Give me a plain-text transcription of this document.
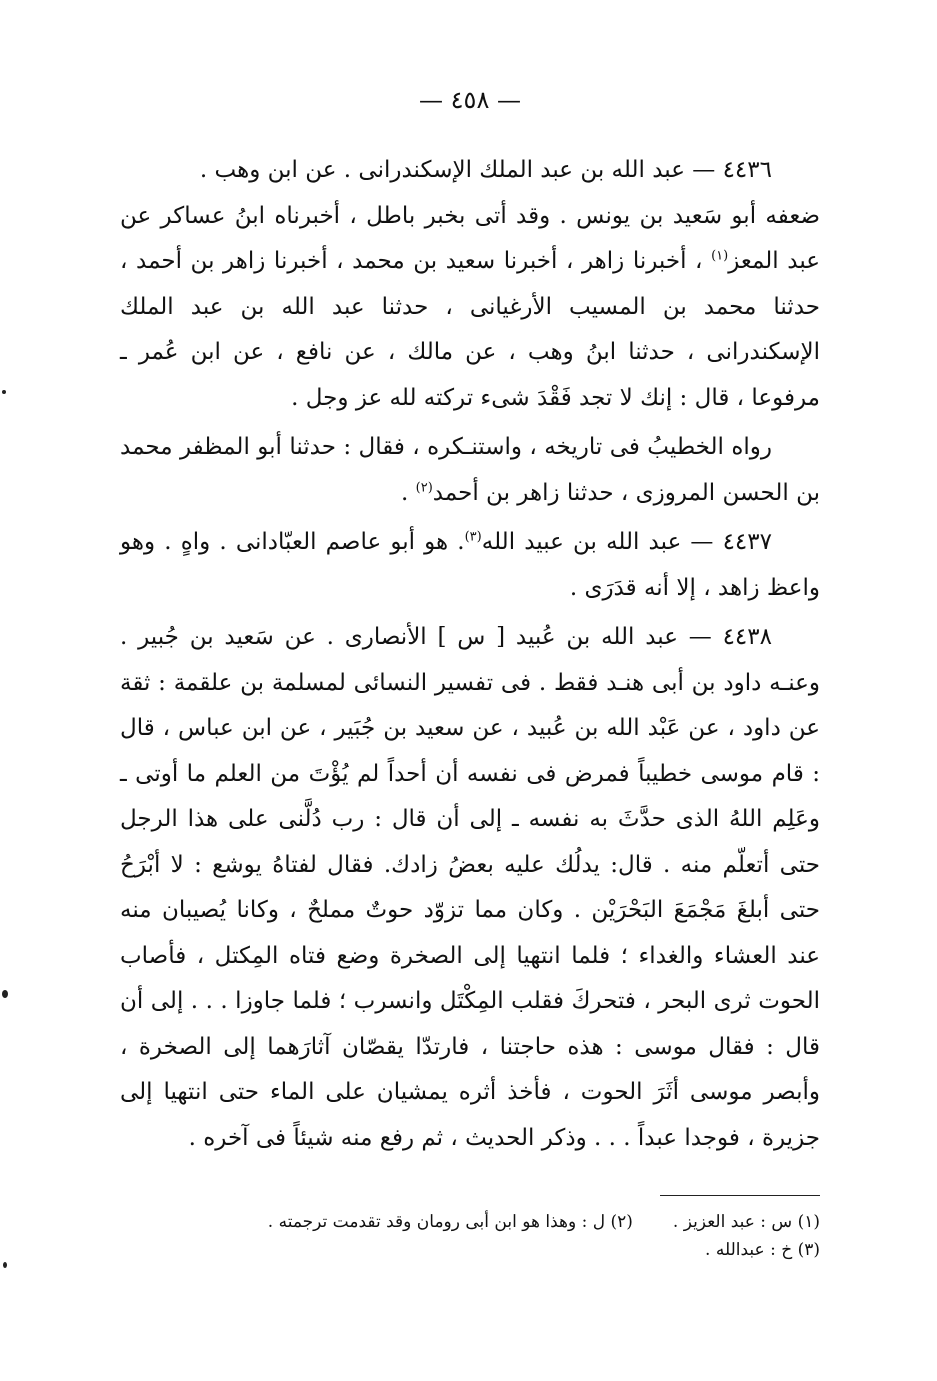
— ٤٥٨ —

٤٤٣٦ — عبد الله بن عبد الملك الإسكندرانى . عن ابن وهب .
ضعفه أبو سَعيد بن يونس . وقد أتى بخبر باطل ، أخبرناه ابنُ عساكر عن عبد المعز$^{(١)}$ ، أخبرنا زاهر ، أخبرنا سعيد بن محمد ، أخبرنا زاهر بن أحمد ، حدثنا محمد بن المسيب الأرغيانى ، حدثنا عبد الله بن عبد الملك الإسكندرانى ، حدثنا ابنُ وهب ، عن مالك ، عن نافع ، عن ابن عُمر ـ مرفوعا ، قال : إنك لا تجد فَقْدَ شىء تركته لله عز وجل .

رواه الخطيبُ فى تاريخه ، واستنـكره ، فقال : حدثنا أبو المظفر محمد بن الحسن المروزى ، حدثنا زاهر بن أحمد$^{(٢)}$ .

٤٤٣٧ — عبد الله بن عبيد الله$^{(٣)}$. هو أبو عاصم العبّادانى . واهٍ . وهو واعظ زاهد ، إلا أنه قدَرَى .

٤٤٣٨ — عبد الله بن عُبيد [ س ] الأنصارى . عن سَعيد بن جُبير . وعنـه داود بن أبى هنـد فقط . فى تفسير النسائى لمسلمة بن علقمة : ثقة عن داود ، عن عَبْد الله بن عُبيد ، عن سعيد بن جُبَير ، عن ابن عباس ، قال : قام موسى خطيباً فمرض فى نفسه أن أحداً لم يُؤْتَ من العلم ما أوتى ـ وعَلِم اللهُ الذى حدَّثَ به نفسه ـ إلى أن قال : رب دُلَّنى على هذا الرجل حتى أتعلّم منه . قال: يدلُك عليه بعضُ زادك. فقال لفتاهُ يوشع : لا أبْرَحُ حتى أبلغَ مَجْمَعَ البَحْرَيْن . وكان مما تزوّد حوتٌ مملحٌ ، وكانا يُصيبان منه عند العشاء والغداء ؛ فلما انتهيا إلى الصخرة وضع فتاه المِكتل ، فأصاب الحوت ثرى البحر ، فتحركَ فقلب المِكْتَل وانسرب ؛ فلما جاوزا . . . إلى أن قال : فقال موسى : هذه حاجتنا ، فارتدّا يقصّان آثارَهما إلى الصخرة ، وأبصر موسى أثَرَ الحوت ، فأخذ أثره يمشيان على الماء حتى انتهيا إلى جزيرة ، فوجدا عبداً . . . وذكر الحديث ، ثم رفع منه شيئاً فى آخره .

(١) س : عبد العزيز .
(٢) ل : وهذا هو ابن أبى رومان وقد تقدمت ترجمته .
(٣) خ : عبدالله .
